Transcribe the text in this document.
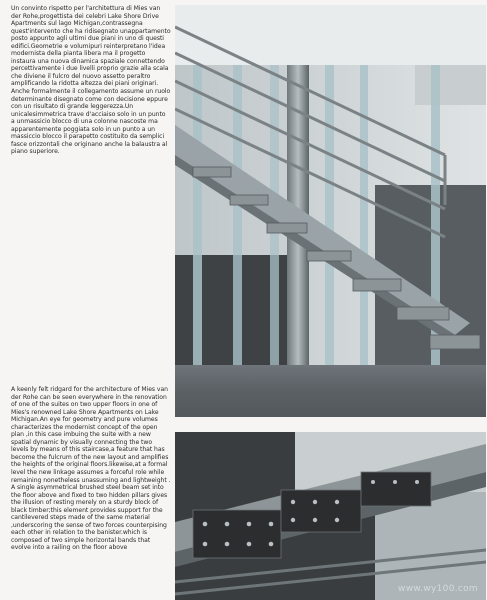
Un convinto rispetto per l'architettura di Mies van der Rohe,progettista dei celebri Lake Shore Drive Apartments sul lago Michigan,contrassegna quest'intervento che ha ridisegnato unappartamento posto appunto agli ultimi due piani in uno di questi edifici.Geometrie e volumipuri reinterpretano l'idea modernista della pianta libera ma il progetto instaura una nuova dinamica spaziale connettendo percettivamente i due livelli proprio grazie alla scala che diviene il fulcro del nuovo assetto peraltro amplificando la ridotta altezza dei piani originari. Anche formalmente il collegamento assume un ruolo determinante disegnato come con decisione eppure con un risultato di grande leggerezza.Un unicalesimmetrica trave d'acciaiso solo in un punto a unmassicio blocco di una colonne nascoste ma apparentemente poggiata solo in un punto a un massiccio blocco il parapetto costituito da semplici fasce orizzontali che originano anche la balaustra al piano superiore.
A keenly felt ridgard for the architecture of Mies van der Rohe can be seen everywhere in the renovation of one of the suites on two upper floors in one of Mies's renowned Lake Shore Apartments on Lake Michigan.An eye for geometry and pure volumes characterizes the modernist concept of the open plan ,in this case imbuing the suite with a new spatial dynamic by visually connecting the two levels by means of this staircase,a feature that has become the fulcrum of the new layout and amplifies the heights of the original floors.likewise,at a formal level the new linkage assumes a forceful role while remaining nonetheless unassuming and lightweight . A single asymmetrical brushed steel beam set into the floor above and fixed to two hidden pillars gives the illusion of resting merely on a sturdy block of black timber;this element provides support for the cantilevered steps made of the same material ,underscoring the sense of two forces counterpising each other in relation to the banister.which is composed of two simple horizontal bands that evolve into a railing on the floor above
www.wy100.com
